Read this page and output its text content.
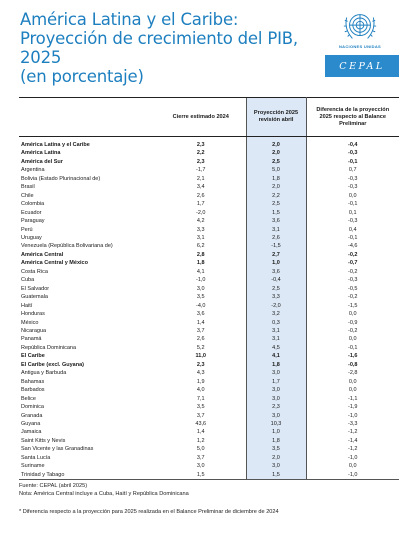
América Latina y el Caribe:
Proyección de crecimiento del PIB, 2025
(en porcentaje)
NACIONES UNIDAS
CEPAL
	Cierre estimado 2024	Proyección 2025 revisión abril	Diferencia de la proyección 2025 respecto al Balance Preliminar

América Latina y el Caribe	2,3	2,0	-0,4
América Latina	2,2	2,0	-0,3
América del Sur	2,3	2,5	-0,1
Argentina	-1,7	5,0	0,7
Bolivia (Estado Plurinacional de)	2,1	1,8	-0,3
Brasil	3,4	2,0	-0,3
Chile	2,6	2,2	0,0
Colombia	1,7	2,5	-0,1
Ecuador	-2,0	1,5	0,1
Paraguay	4,2	3,6	-0,3
Perú	3,3	3,1	0,4
Uruguay	3,1	2,6	-0,1
Venezuela (República Bolivariana de)	6,2	-1,5	-4,6
América Central	2,8	2,7	-0,2
América Central y México	1,8	1,0	-0,7
Costa Rica	4,1	3,6	-0,2
Cuba	-1,0	-0,4	-0,3
El Salvador	3,0	2,5	-0,5
Guatemala	3,5	3,3	-0,2
Haití	-4,0	-2,0	-1,5
Honduras	3,6	3,2	0,0
México	1,4	0,3	-0,9
Nicaragua	3,7	3,1	-0,2
Panamá	2,6	3,1	0,0
República Dominicana	5,2	4,5	-0,1
El Caribe	11,0	4,1	-1,6
El Caribe (excl. Guyana)	2,3	1,8	-0,8
Antigua y Barbuda	4,3	3,0	-2,8
Bahamas	1,9	1,7	0,0
Barbados	4,0	3,0	0,0
Belice	7,1	3,0	-1,1
Dominica	3,5	2,3	-1,9
Granada	3,7	3,0	-1,0
Guyana	43,6	10,3	-3,3
Jamaica	1,4	1,0	-1,2
Saint Kitts y Nevis	1,2	1,8	-1,4
San Vicente y las Granadinas	5,0	3,5	-1,2
Santa Lucía	3,7	2,0	-1,0
Suriname	3,0	3,0	0,0
Trinidad y Tabago	1,5	1,5	-1,0
Fuente: CEPAL (abril 2025)
Nota: América Central incluye a Cuba, Haití y República Dominicana
* Diferencia respecto a la proyección para 2025 realizada en el Balance Preliminar de diciembre de 2024
